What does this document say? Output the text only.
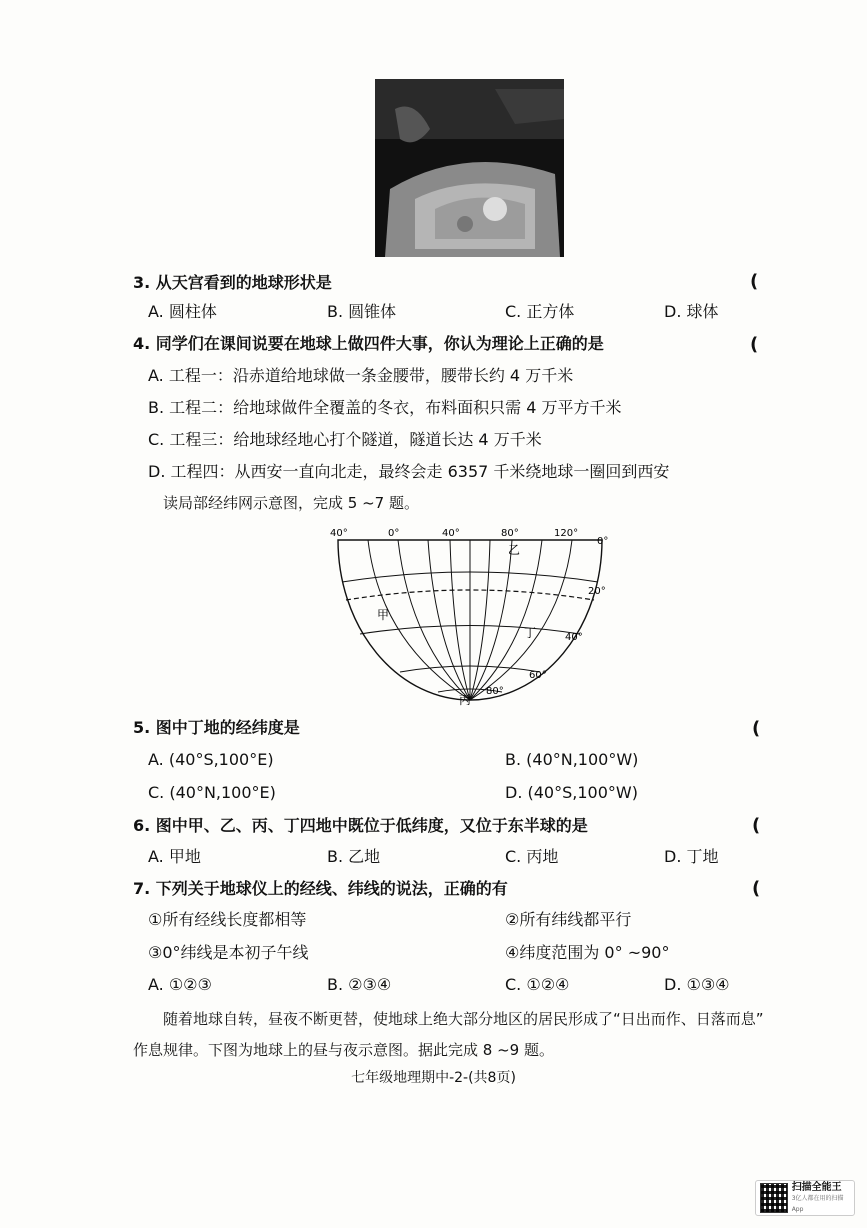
3. 从天宫看到的地球形状是	(
A. 圆柱体	B. 圆锥体	C. 正方体	D. 球体
4. 同学们在课间说要在地球上做四件大事，你认为理论上正确的是	(
A. 工程一：沿赤道给地球做一条金腰带，腰带长约 4 万千米
B. 工程二：给地球做件全覆盖的冬衣，布料面积只需 4 万平方千米
C. 工程三：给地球经地心打个隧道，隧道长达 4 万千米
D. 工程四：从西安一直向北走，最终会走 6357 千米绕地球一圈回到西安
读局部经纬网示意图，完成 5 ~7 题。
40°	0°	40°	80°	120°
0°
20°
40°
60°
80°
甲
乙
丙
丁
5. 图中丁地的经纬度是	(
A. (40°S,100°E)	B. (40°N,100°W)
C. (40°N,100°E)	D. (40°S,100°W)
6. 图中甲、乙、丙、丁四地中既位于低纬度，又位于东半球的是	(
A. 甲地	B. 乙地	C. 丙地	D. 丁地
7. 下列关于地球仪上的经线、纬线的说法，正确的有	(
①所有经线长度都相等	②所有纬线都平行
③0°纬线是本初子午线	④纬度范围为 0° ~90°
A. ①②③	B. ②③④	C. ①②④	D. ①③④
随着地球自转，昼夜不断更替，使地球上绝大部分地区的居民形成了“日出而作、日落而息”
作息规律。下图为地球上的昼与夜示意图。据此完成 8 ~9 题。
七年级地理期中-2-(共8页)
扫描全能王
3亿人都在用的扫描App
